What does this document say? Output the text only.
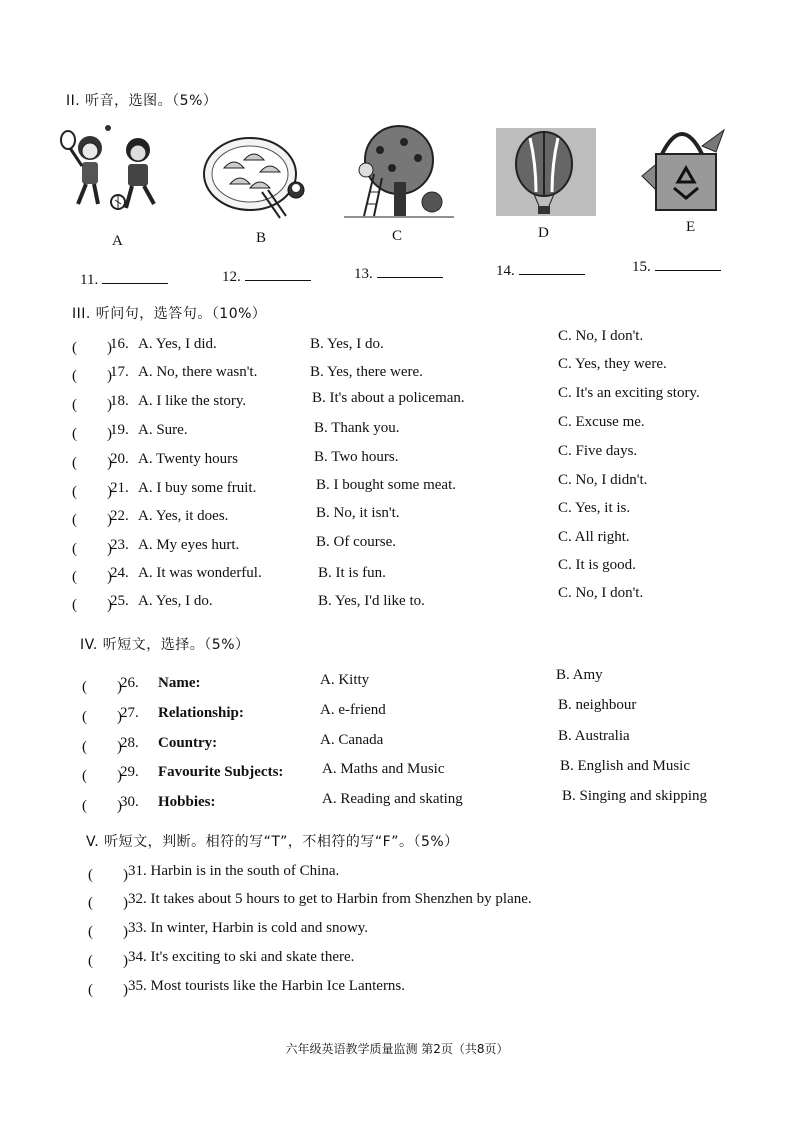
II. 听音，选图。（5%）
A	B	C	D	E
11.	12.	13.	14.	15.
III. 听问句，选答句。（10%）
(　　)
16. A. Yes, I did.	B. Yes, I do.	C. No, I don't.
(　　)
17. A. No, there wasn't.	B. Yes, there were.	C. Yes, they were.
(　　)
18. A. I like the story.	B. It's about a policeman.	C. It's an exciting story.
(　　)
19. A. Sure.	B. Thank you.	C. Excuse me.
(　　)
20. A. Twenty hours	B. Two hours.	C. Five days.
(　　)
21. A. I buy some fruit.	B. I bought some meat.	C. No, I didn't.
(　　)
22. A. Yes, it does.	B. No, it isn't.	C. Yes, it is.
(　　)
23. A. My eyes hurt.	B. Of course.	C. All right.
(　　)
24. A. It was wonderful.	B. It is fun.	C. It is good.
(　　)
25. A. Yes, I do.	B. Yes, I'd like to.	C. No, I don't.
IV. 听短文，选择。（5%）
(　　)
26. Name:	A. Kitty	B. Amy
(　　)
27. Relationship:	A. e-friend	B. neighbour
(　　)
28. Country:	A. Canada	B. Australia
(　　)
29. Favourite Subjects:	A. Maths and Music	B. English and Music
(　　)
30. Hobbies:	A. Reading and skating	B. Singing and skipping
V. 听短文，判断。相符的写“T”，不相符的写“F”。（5%）
(　　) 31. Harbin is in the south of China.
(　　) 32. It takes about 5 hours to get to Harbin from Shenzhen by plane.
(　　) 33. In winter, Harbin is cold and snowy.
(　　) 34. It's exciting to ski and skate there.
(　　) 35. Most tourists like the Harbin Ice Lanterns.
六年级英语教学质量监测 第2页（共8页）
